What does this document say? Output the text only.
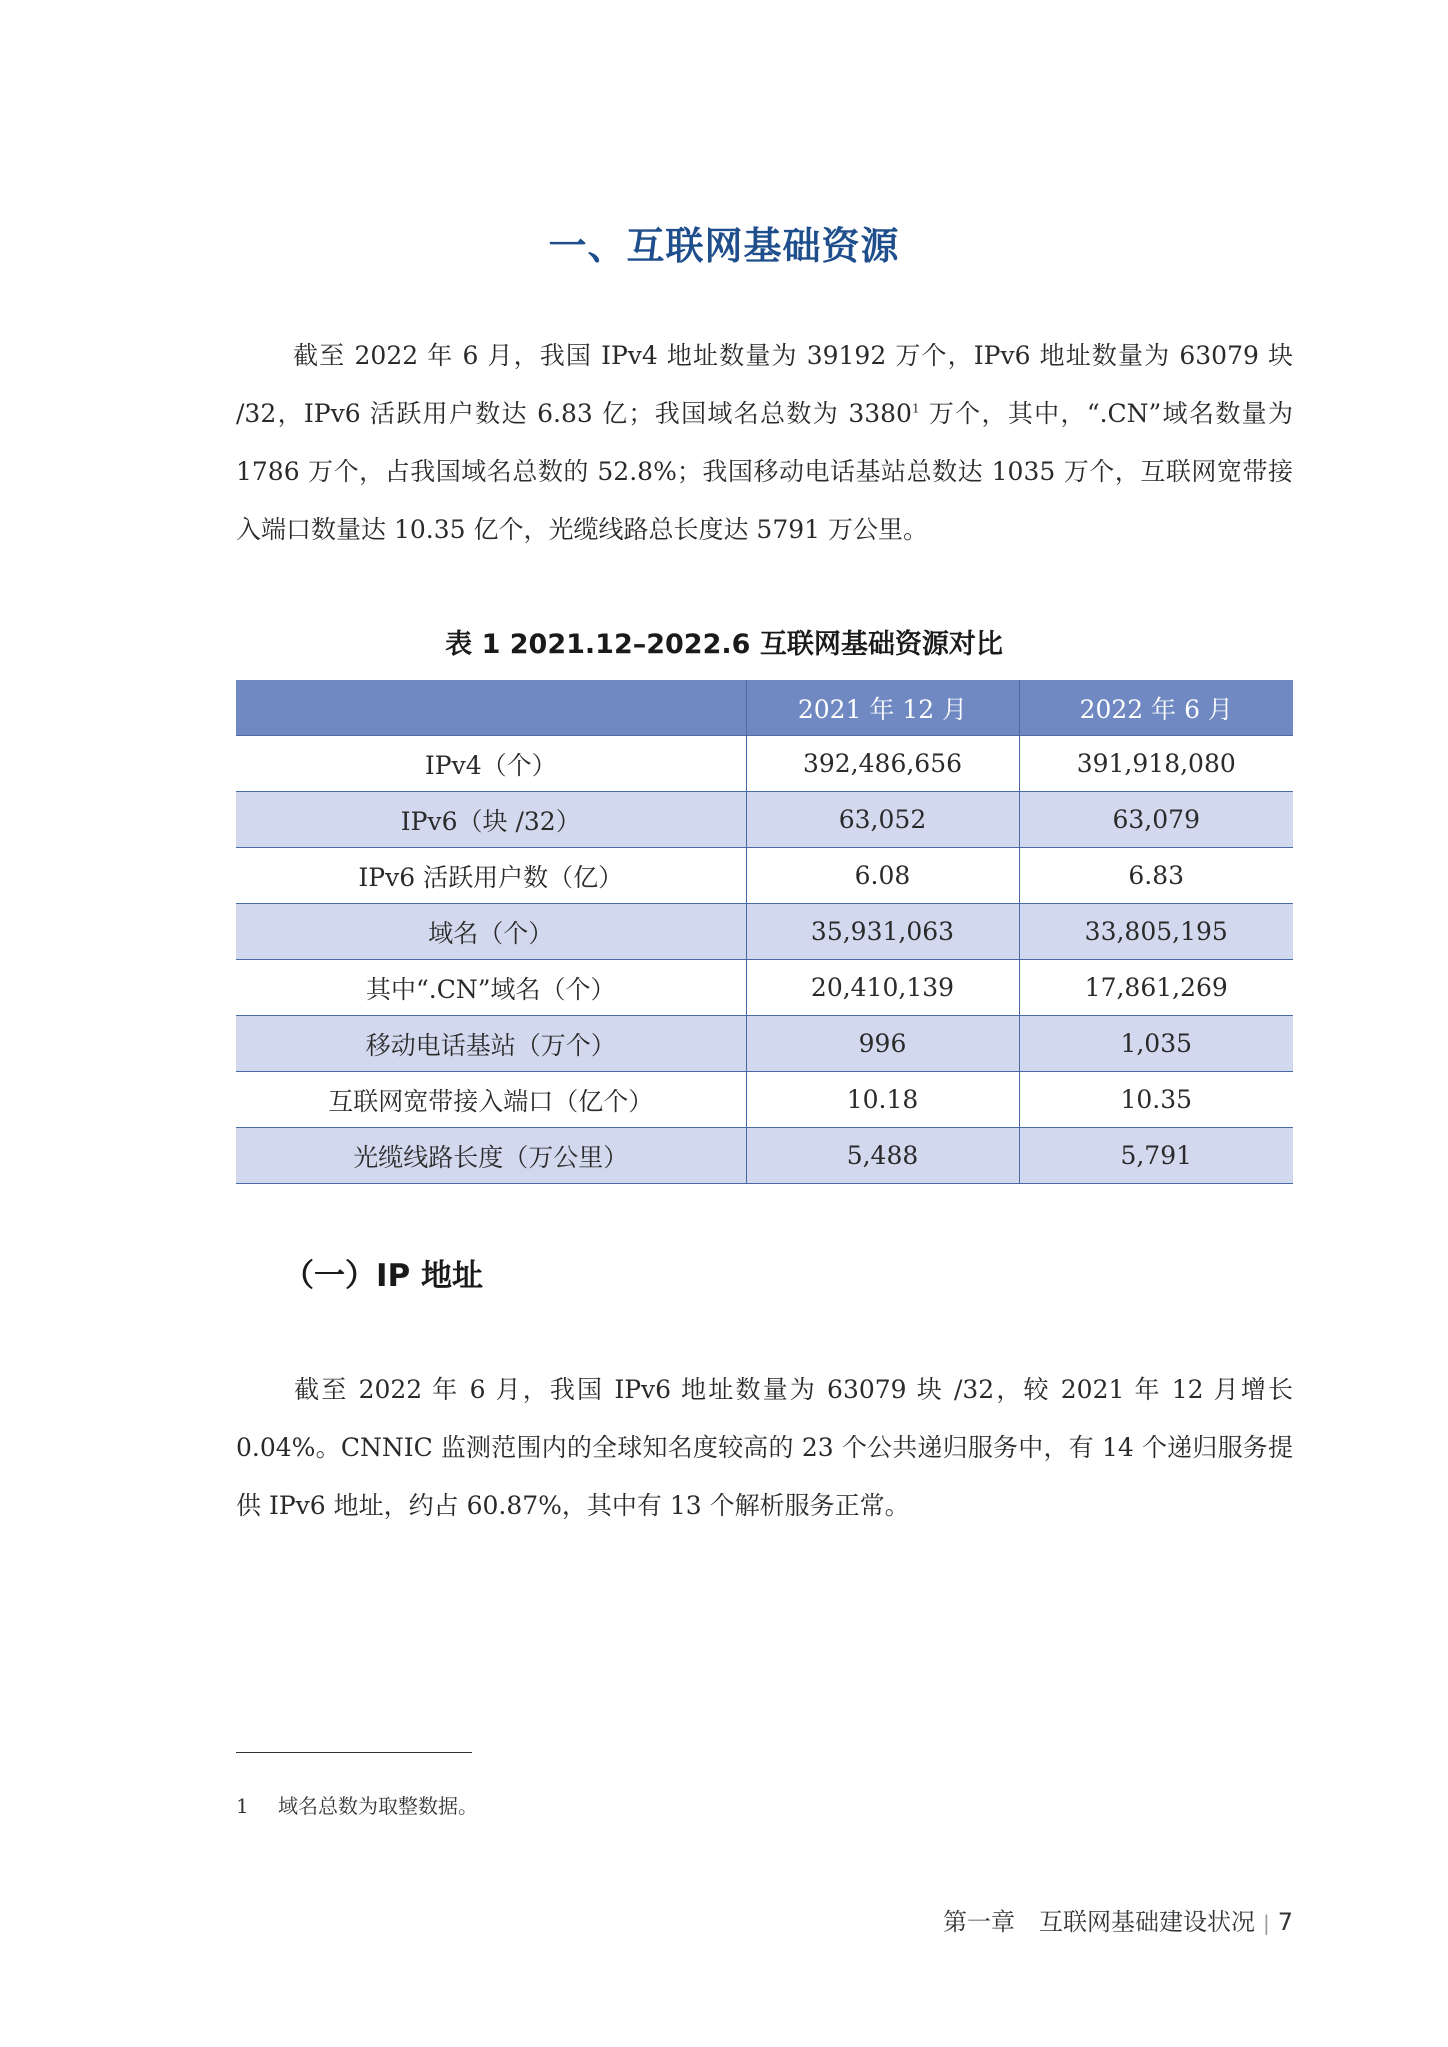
一、互联网基础资源

截至 2022 年 6 月，我国 IPv4 地址数量为 39192 万个，IPv6 地址数量为 63079 块 /32，IPv6 活跃用户数达 6.83 亿；我国域名总数为 3380$^1$ 万个，其中，“.CN”域名数量为 1786 万个，占我国域名总数的 52.8%；我国移动电话基站总数达 1035 万个，互联网宽带接入端口数量达 10.35 亿个，光缆线路总长度达 5791 万公里。

表 1 2021.12–2022.6 互联网基础资源对比

	2021 年 12 月	2022 年 6 月
IPv4（个）	392,486,656	391,918,080
IPv6（块 /32）	63,052	63,079
IPv6 活跃用户数（亿）	6.08	6.83
域名（个）	35,931,063	33,805,195
其中“.CN”域名（个）	20,410,139	17,861,269
移动电话基站（万个）	996	1,035
互联网宽带接入端口（亿个）	10.18	10.35
光缆线路长度（万公里）	5,488	5,791
（一）IP 地址

截至 2022 年 6 月，我国 IPv6 地址数量为 63079 块 /32，较 2021 年 12 月增长 0.04%。CNNIC 监测范围内的全球知名度较高的 23 个公共递归服务中，有 14 个递归服务提供 IPv6 地址，约占 60.87%，其中有 13 个解析服务正常。

1 域名总数为取整数据。

第一章　互联网基础建设状况 | 7
